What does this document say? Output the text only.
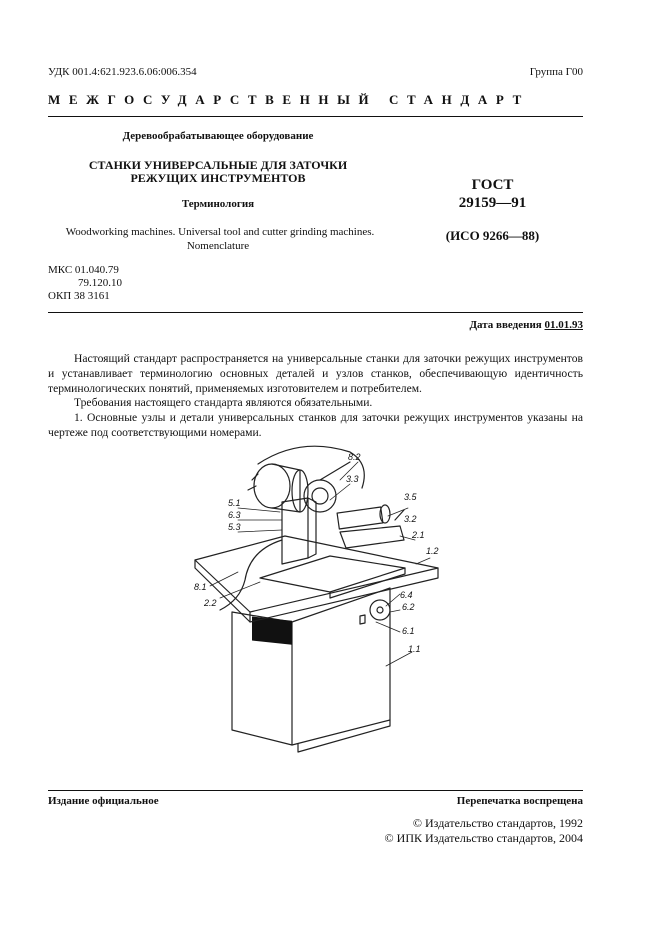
УДК 001.4:621.923.6.06:006.354	Группа Г00
МЕЖГОСУДАРСТВЕННЫЙ СТАНДАРТ
Деревообрабатывающее оборудование
СТАНКИ УНИВЕРСАЛЬНЫЕ ДЛЯ ЗАТОЧКИ
РЕЖУЩИХ ИНСТРУМЕНТОВ
Терминология
Woodworking machines. Universal tool and cutter grinding machines.
Nomenclature
ГОСТ
29159—91
(ИСО 9266—88)
МКС 01.040.79
79.120.10
ОКП 38 3161
Дата введения 01.01.93

Настоящий стандарт распространяется на универсальные станки для заточки режущих инструментов и устанавливает терминологию основных деталей и узлов станков, обеспечивающую идентичность терминологических понятий, применяемых изготовителем и потребителем.

Требования настоящего стандарта являются обязательными.

1. Основные узлы и детали универсальных станков для заточки режущих инструментов указаны на чертеже под соответствующими номерами.

8.2
3.3
3.5
5.1
6.3
5.3
3.2
2.1
1.2
8.1
2.2
6.4
6.2
6.1
1.1
Издание официальное	Перепечатка воспрещена
© Издательство стандартов, 1992
© ИПК Издательство стандартов, 2004
